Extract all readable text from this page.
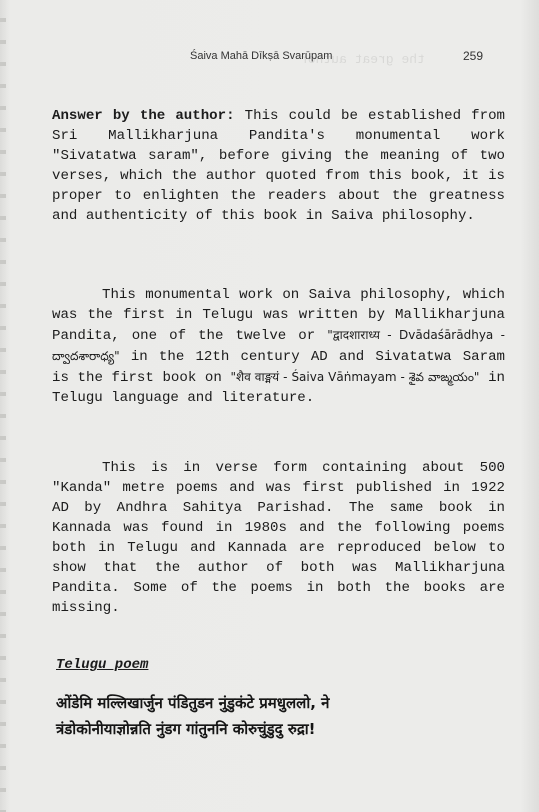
the great author
Śaiva Mahā Dīkṣā Svarūpam	259
Answer by the author: This could be established from Sri Mallikharjuna Pandita's monumental work "Sivatatwa saram", before giving the meaning of two verses, which the author quoted from this book, it is proper to enlighten the readers about the greatness and authenticity of this book in Saiva philosophy.
This monumental work on Saiva philosophy, which was the first in Telugu was written by Mallikharjuna Pandita, one of the twelve or "द्वादशाराध्य - Dvādaśārādhya - ద్వాదశారాధ్య" in the 12th century AD and Sivatatwa Saram is the first book on "शैव वाङ्मयं - Śaiva Vāṅmayam - శైవ వాఙ్మయం" in Telugu language and literature.
This is in verse form containing about 500 "Kanda" metre poems and was first published in 1922 AD by Andhra Sahitya Parishad. The same book in Kannada was found in 1980s and the following poems both in Telugu and Kannada are reproduced below to show that the author of both was Mallikharjuna Pandita. Some of the poems in both the books are missing.
Telugu poem
ओंडेमि मल्लिखार्जुन पंडितुडन नुंडुकंटे प्रमधुललो, ने
त्रंडोकोनीयाज्ञोन्नति नुंडग गांतुननि कोरुचुंडुदु रुद्रा!
